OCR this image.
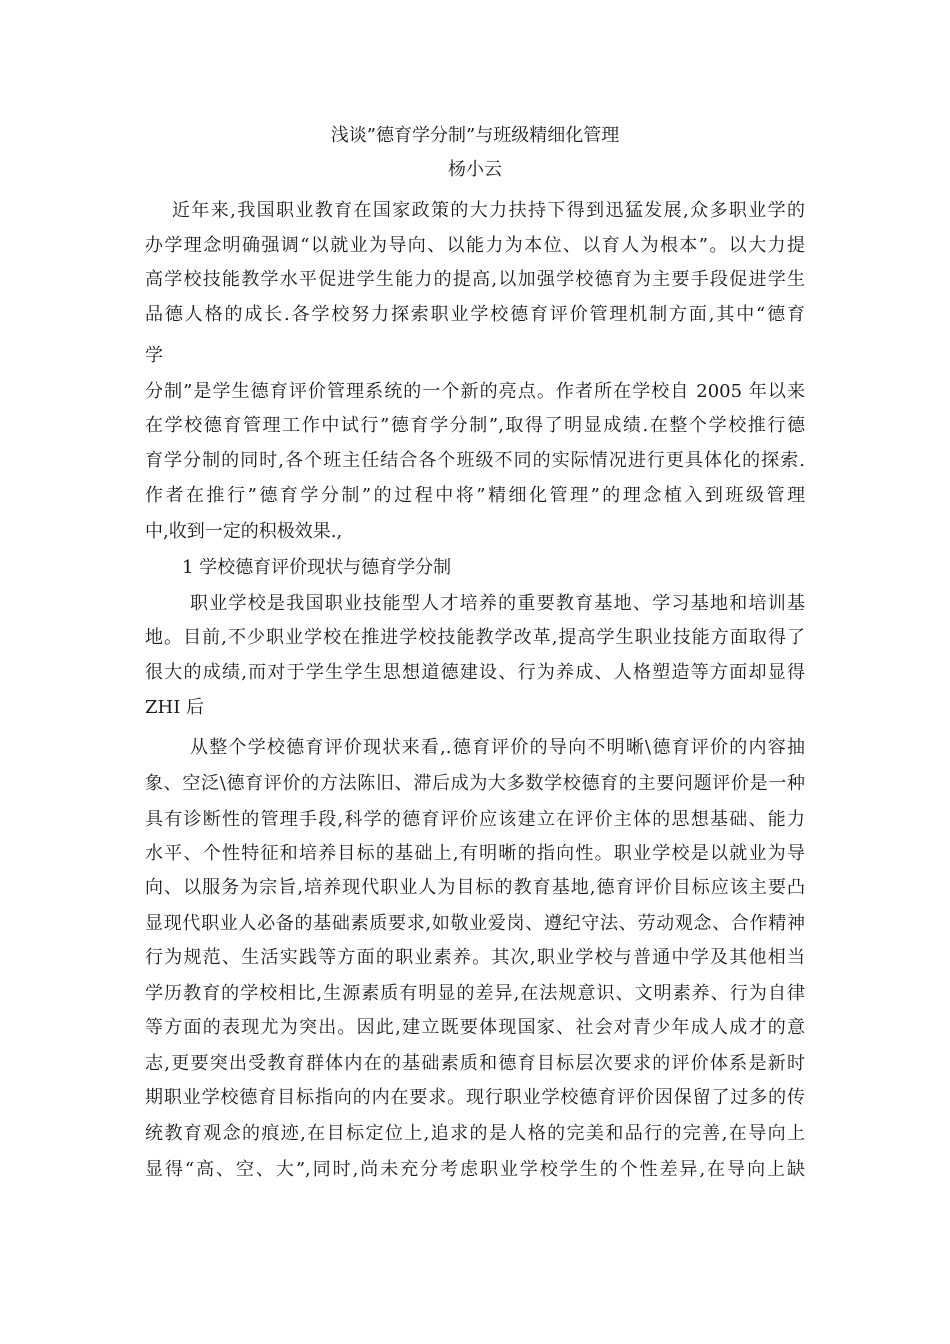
浅谈”德育学分制”与班级精细化管理
杨小云
近年来,我国职业教育在国家政策的大力扶持下得到迅猛发展,众多职业学的
办学理念明确强调“以就业为导向、以能力为本位、以育人为根本”。以大力提
高学校技能教学水平促进学生能力的提高,以加强学校德育为主要手段促进学生
品德人格的成长.各学校努力探索职业学校德育评价管理机制方面,其中“德育
学
分制”是学生德育评价管理系统的一个新的亮点。作者所在学校自 2005 年以来
在学校德育管理工作中试行”德育学分制”,取得了明显成绩.在整个学校推行德
育学分制的同时,各个班主任结合各个班级不同的实际情况进行更具体化的探索.
作者在推行”德育学分制”的过程中将”精细化管理”的理念植入到班级管理
中,收到一定的积极效果.,
1 学校德育评价现状与德育学分制
职业学校是我国职业技能型人才培养的重要教育基地、学习基地和培训基
地。目前,不少职业学校在推进学校技能教学改革,提高学生职业技能方面取得了
很大的成绩,而对于学生学生思想道德建设、行为养成、人格塑造等方面却显得
ZHI 后
从整个学校德育评价现状来看,.德育评价的导向不明晰\德育评价的内容抽
象、空泛\德育评价的方法陈旧、滞后成为大多数学校德育的主要问题评价是一种
具有诊断性的管理手段,科学的德育评价应该建立在评价主体的思想基础、能力
水平、个性特征和培养目标的基础上,有明晰的指向性。职业学校是以就业为导
向、以服务为宗旨,培养现代职业人为目标的教育基地,德育评价目标应该主要凸
显现代职业人必备的基础素质要求,如敬业爱岗、遵纪守法、劳动观念、合作精神
行为规范、生活实践等方面的职业素养。其次,职业学校与普通中学及其他相当
学历教育的学校相比,生源素质有明显的差异,在法规意识、文明素养、行为自律
等方面的表现尤为突出。因此,建立既要体现国家、社会对青少年成人成才的意
志,更要突出受教育群体内在的基础素质和德育目标层次要求的评价体系是新时
期职业学校德育目标指向的内在要求。现行职业学校德育评价因保留了过多的传
统教育观念的痕迹,在目标定位上,追求的是人格的完美和品行的完善,在导向上
显得“高、空、大”,同时,尚未充分考虑职业学校学生的个性差异,在导向上缺
